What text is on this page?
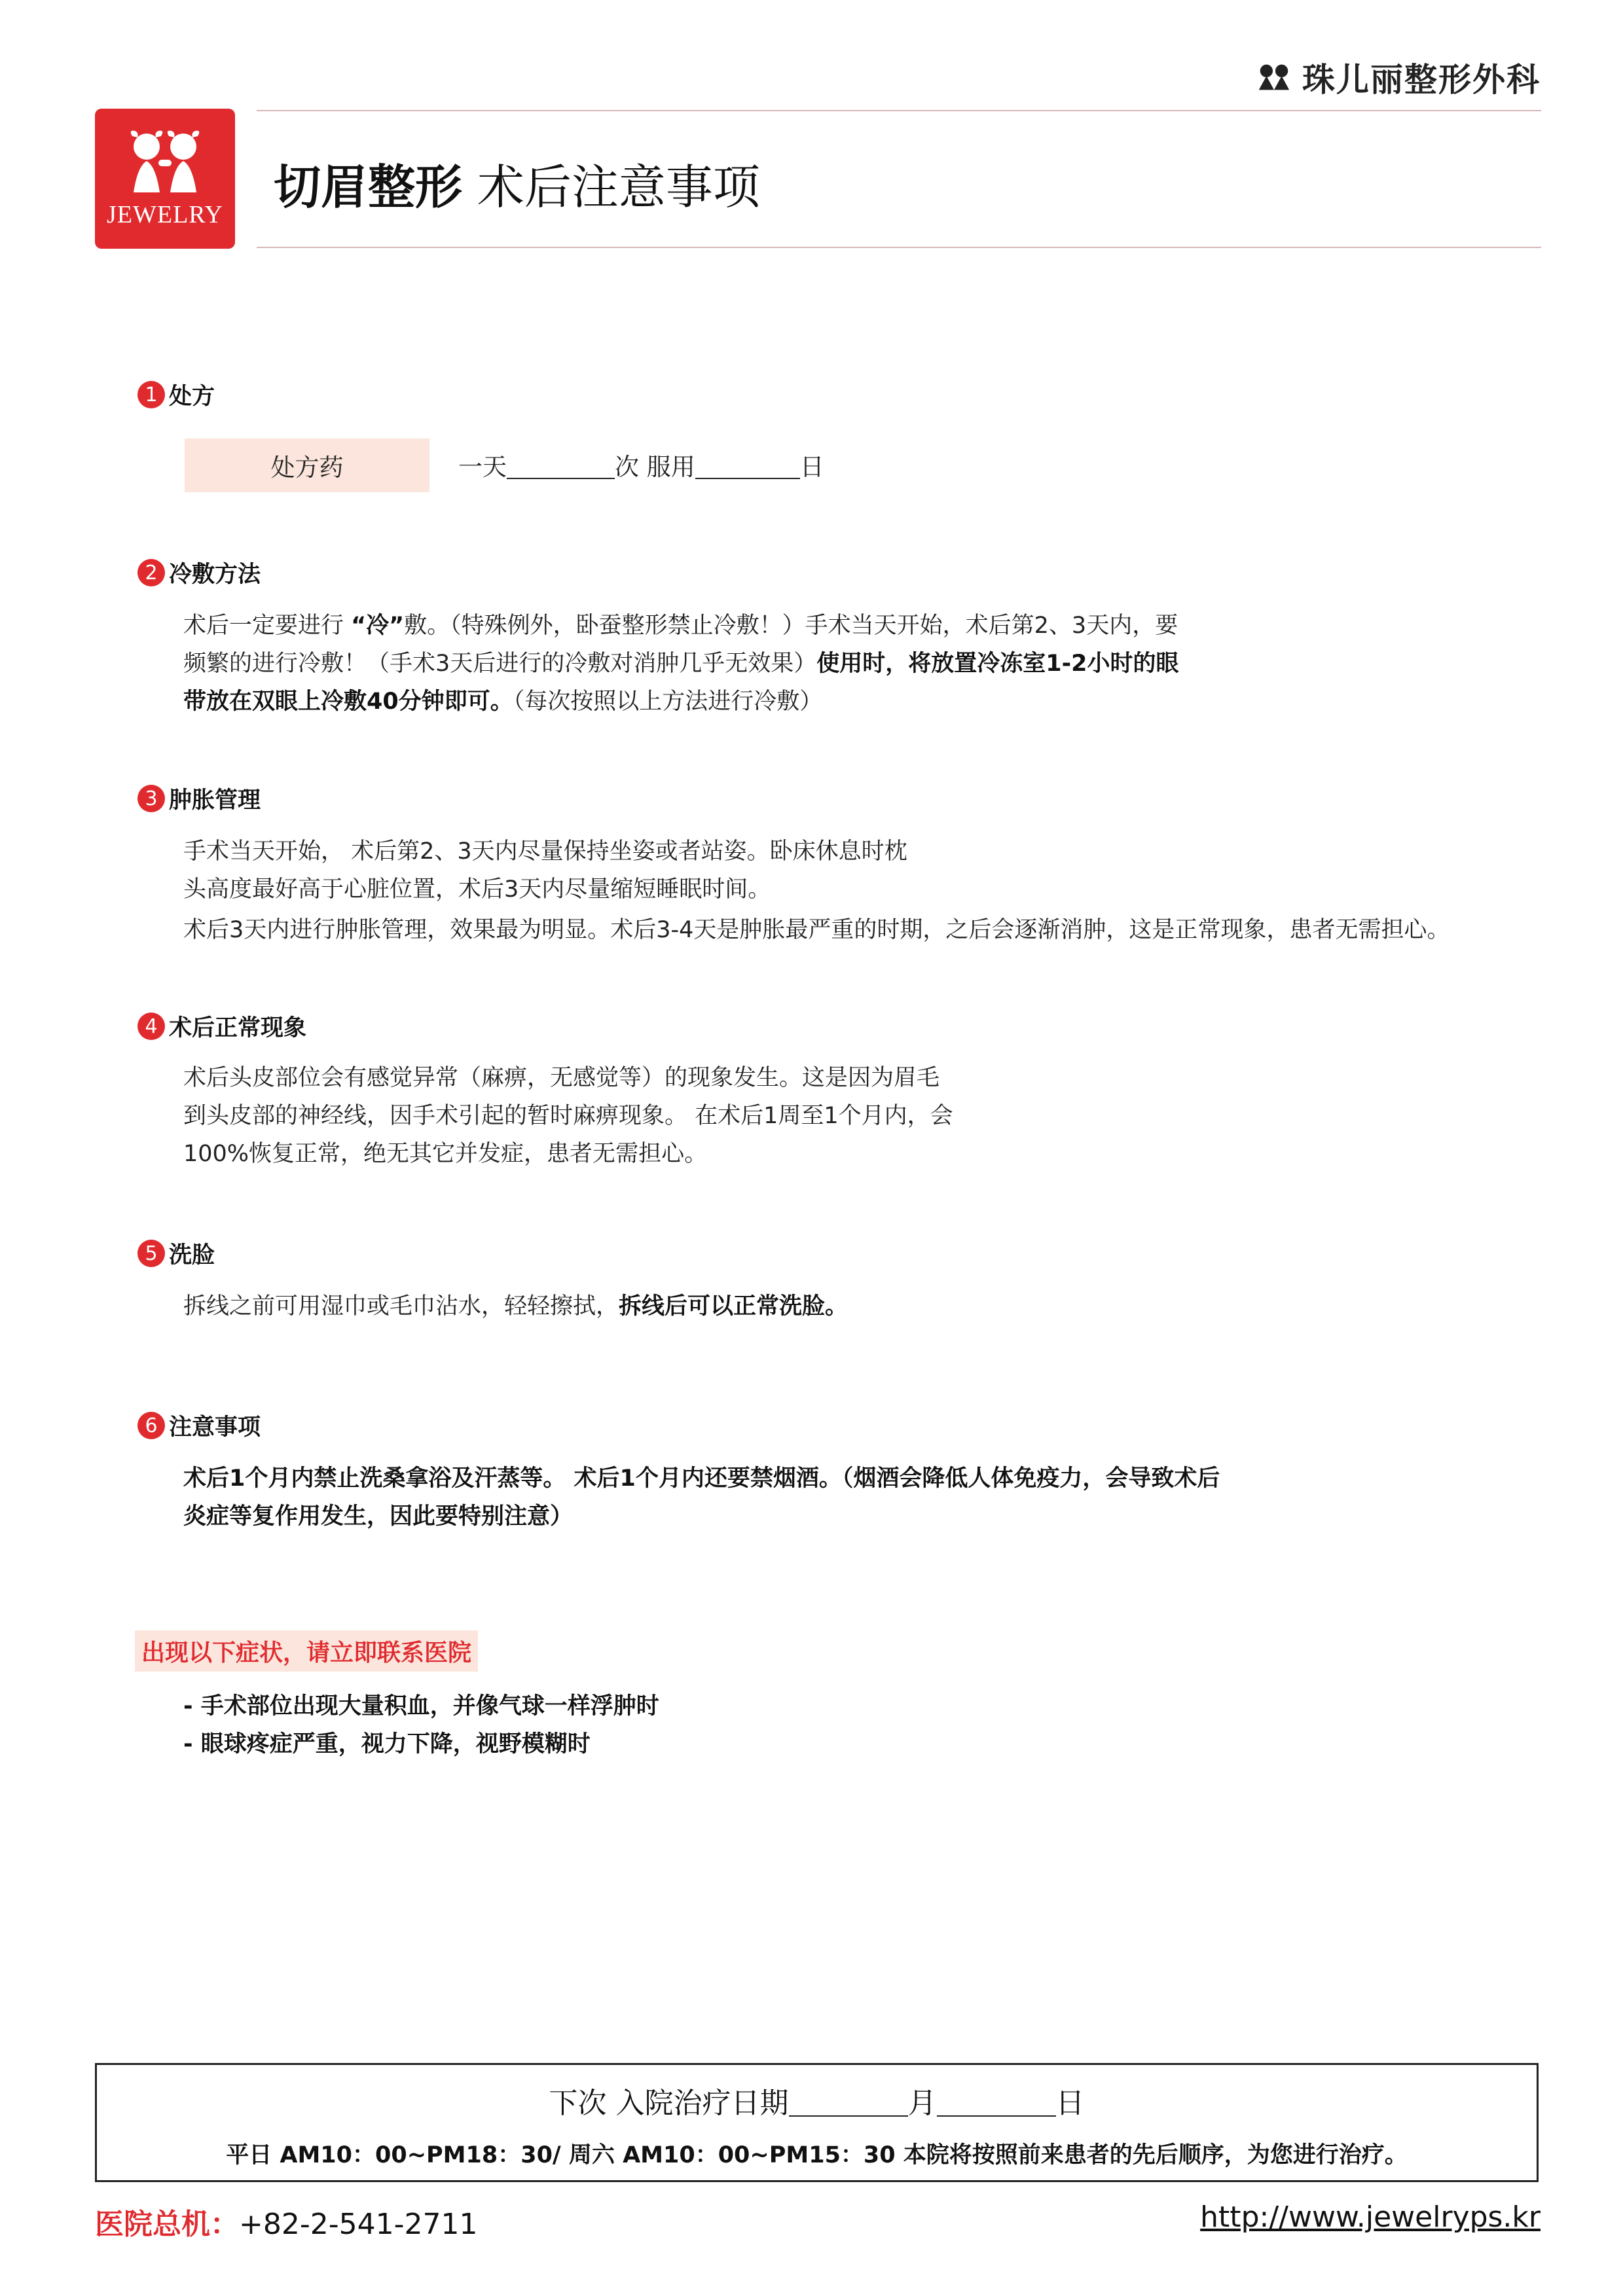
珠儿丽整形外科
JEWELRY 切眉整形 术后注意事项
1 处方
处方药	一天	次 服用	日
2 冷敷方法
术后一定要进行 “冷”敷。（特殊例外，卧蚕整形禁止冷敷！）手术当天开始，术后第2、3天内，要
频繁的进行冷敷！（手术3天后进行的冷敷对消肿几乎无效果）使用时，将放置冷冻室1-2小时的眼
带放在双眼上冷敷40分钟即可。（每次按照以上方法进行冷敷）
3 肿胀管理
手术当天开始， 术后第2、3天内尽量保持坐姿或者站姿。卧床休息时枕
头高度最好高于心脏位置，术后3天内尽量缩短睡眠时间。
术后3天内进行肿胀管理，效果最为明显。术后3-4天是肿胀最严重的时期，之后会逐渐消肿，这是正常现象，患者无需担心。
4 术后正常现象
术后头皮部位会有感觉异常（麻痹，无感觉等）的现象发生。这是因为眉毛
到头皮部的神经线，因手术引起的暂时麻痹现象。 在术后1周至1个月内，会
100%恢复正常，绝无其它并发症，患者无需担心。
5 洗脸
拆线之前可用湿巾或毛巾沾水，轻轻擦拭，拆线后可以正常洗脸。
6 注意事项
术后1个月内禁止洗桑拿浴及汗蒸等。 术后1个月内还要禁烟酒。（烟酒会降低人体免疫力，会导致术后
炎症等复作用发生，因此要特别注意）
出现以下症状，请立即联系医院
- 手术部位出现大量积血，并像气球一样浮肿时
- 眼球疼症严重，视力下降，视野模糊时
下次 入院治疗日期	月	日
平日 AM10：00~PM18：30/ 周六 AM10：00~PM15：30 本院将按照前来患者的先后顺序，为您进行治疗。
医院总机：+82-2-541-2711	http://www.jewelryps.kr
